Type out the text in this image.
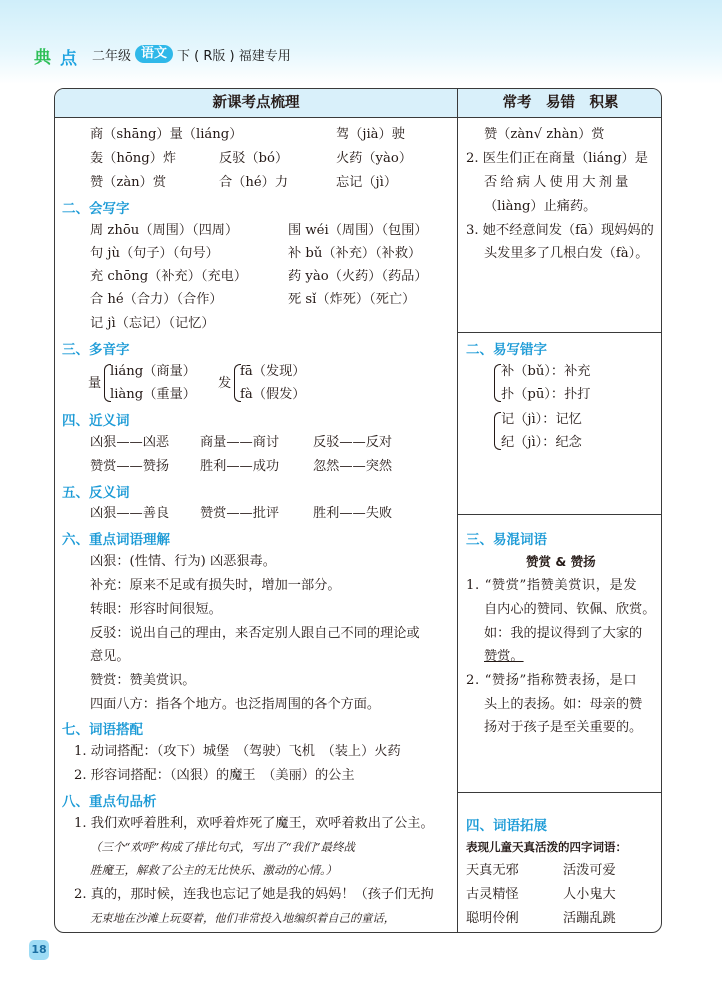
典 点 二年级 语文 下 ( R版 ) 福建专用
新课考点梳理	常考　易错　积累
商（shāng）量（liáng）	驾（jià）驶
轰（hōng）炸	反驳（bó）	火药（yào）
赞（zàn）赏	合（hé）力	忘记（jì）
二、会写字
周 zhōu（周围）（四周）	围 wéi（周围）（包围）
句 jù（句子）（句号）	补 bǔ（补充）（补救）
充 chōng（补充）（充电）	药 yào（火药）（药品）
合 hé（合力）（合作）	死 sǐ（炸死）（死亡）
记 jì（忘记）（记忆）
三、多音字
量
liáng（商量）
liàng（重量）
发
fā（发现）
fà（假发）
四、近义词
凶狠——凶恶 商量——商讨	反驳——反对
赞赏——赞扬 胜利——成功	忽然——突然
五、反义词
凶狠——善良 赞赏——批评	胜利——失败
六、重点词语理解
凶狠：(性情、行为) 凶恶狠毒。
补充：原来不足或有损失时，增加一部分。
转眼：形容时间很短。
反驳：说出自己的理由，来否定别人跟自己不同的理论或
意见。
赞赏：赞美赏识。
四面八方：指各个地方。也泛指周围的各个方面。
七、词语搭配
1. 动词搭配：（攻下）城堡　（驾驶）飞机　（装上）火药
2. 形容词搭配：（凶狠）的魔王　（美丽）的公主
八、重点句品析
1. 我们欢呼着胜利，欢呼着炸死了魔王，欢呼着救出了公主。
（三个“欢呼”构成了排比句式，写出了“我们”最终战
胜魔王，解救了公主的无比快乐、激动的心情。）
2. 真的，那时候，连我也忘记了她是我的妈妈！（孩子们无拘
无束地在沙滩上玩耍着，他们非常投入地编织着自己的童话，
赞（zàn√ zhàn）赏
2. 医生们正在商量（liáng）是
否给病人使用大剂量
（liàng）止痛药。
3. 她不经意间发（fā）现妈妈的
头发里多了几根白发（fà）。
二、易写错字
补（bǔ）：补充
扑（pū）：扑打
记（jì）：记忆
纪（jì）：纪念
三、易混词语
赞赏 & 赞扬
1. “赞赏”指赞美赏识，是发
自内心的赞同、钦佩、欣赏。
如：我的提议得到了大家的
赞赏。
2. “赞扬”指称赞表扬，是口
头上的表扬。如：母亲的赞
扬对于孩子是至关重要的。
四、词语拓展
表现儿童天真活泼的四字词语：
天真无邪	活泼可爱
古灵精怪	人小鬼大
聪明伶俐	活蹦乱跳
18
